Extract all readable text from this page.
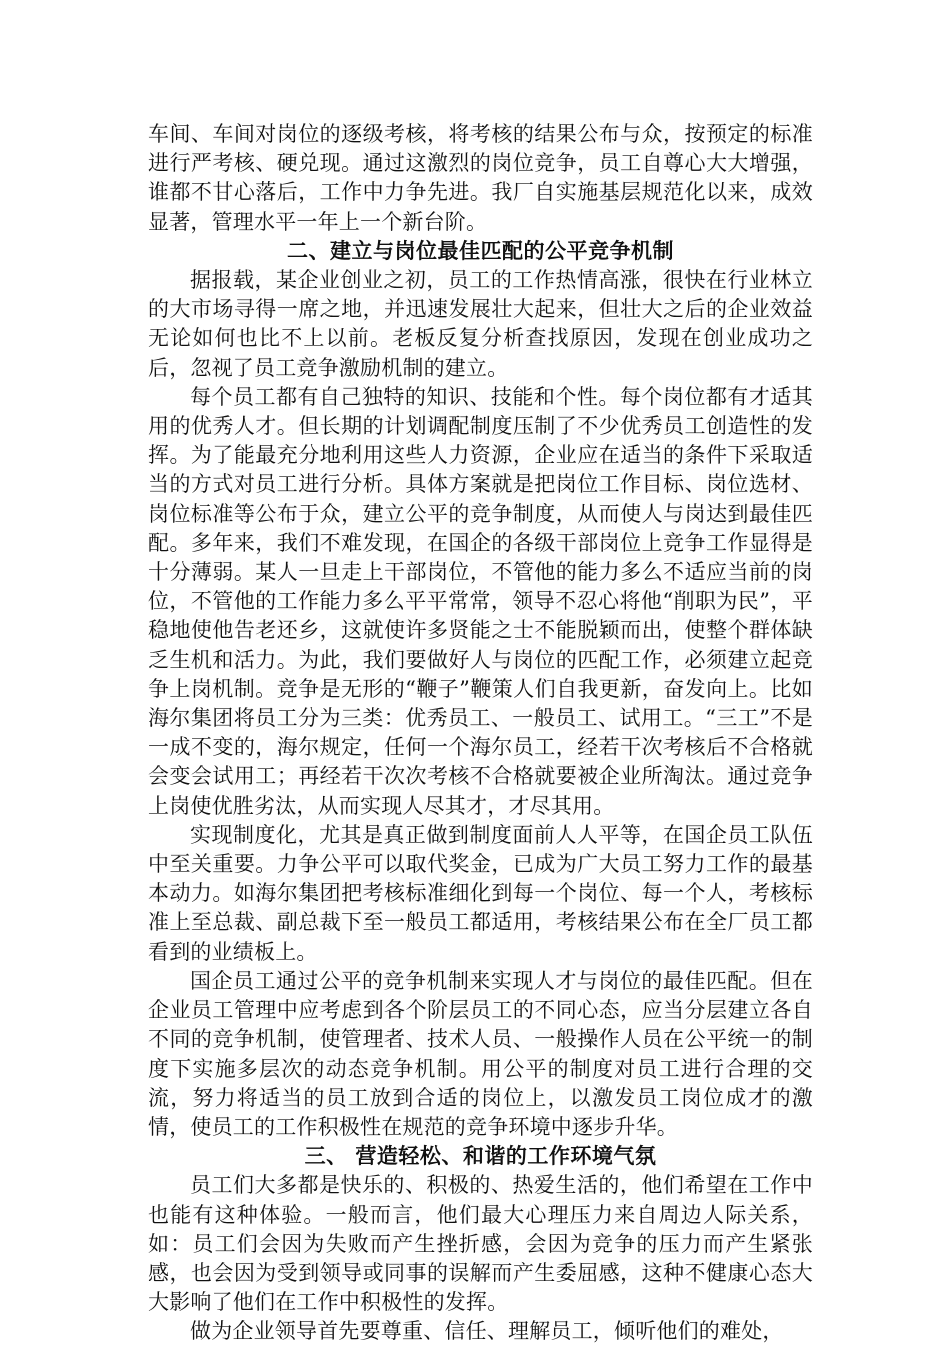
车间、车间对岗位的逐级考核，将考核的结果公布与众，按预定的标准进行严考核、硬兑现。通过这激烈的岗位竞争，员工自尊心大大增强，谁都不甘心落后，工作中力争先进。我厂自实施基层规范化以来，成效显著，管理水平一年上一个新台阶。

二、建立与岗位最佳匹配的公平竞争机制

据报载，某企业创业之初，员工的工作热情高涨，很快在行业林立的大市场寻得一席之地，并迅速发展壮大起来，但壮大之后的企业效益无论如何也比不上以前。老板反复分析查找原因，发现在创业成功之后，忽视了员工竞争激励机制的建立。

每个员工都有自己独特的知识、技能和个性。每个岗位都有才适其用的优秀人才。但长期的计划调配制度压制了不少优秀员工创造性的发挥。为了能最充分地利用这些人力资源，企业应在适当的条件下采取适当的方式对员工进行分析。具体方案就是把岗位工作目标、岗位选材、岗位标准等公布于众，建立公平的竞争制度，从而使人与岗达到最佳匹配。多年来，我们不难发现，在国企的各级干部岗位上竞争工作显得是十分薄弱。某人一旦走上干部岗位，不管他的能力多么不适应当前的岗位，不管他的工作能力多么平平常常，领导不忍心将他“削职为民”，平稳地使他告老还乡，这就使许多贤能之士不能脱颖而出，使整个群体缺乏生机和活力。为此，我们要做好人与岗位的匹配工作，必须建立起竞争上岗机制。竞争是无形的“鞭子”鞭策人们自我更新，奋发向上。比如海尔集团将员工分为三类：优秀员工、一般员工、试用工。“三工”不是一成不变的，海尔规定，任何一个海尔员工，经若干次考核后不合格就会变会试用工；再经若干次次考核不合格就要被企业所淘汰。通过竞争上岗使优胜劣汰，从而实现人尽其才，才尽其用。

实现制度化，尤其是真正做到制度面前人人平等，在国企员工队伍中至关重要。力争公平可以取代奖金，已成为广大员工努力工作的最基本动力。如海尔集团把考核标准细化到每一个岗位、每一个人，考核标准上至总裁、副总裁下至一般员工都适用，考核结果公布在全厂员工都看到的业绩板上。

国企员工通过公平的竞争机制来实现人才与岗位的最佳匹配。但在企业员工管理中应考虑到各个阶层员工的不同心态，应当分层建立各自不同的竞争机制，使管理者、技术人员、一般操作人员在公平统一的制度下实施多层次的动态竞争机制。用公平的制度对员工进行合理的交流，努力将适当的员工放到合适的岗位上，以激发员工岗位成才的激情，使员工的工作积极性在规范的竞争环境中逐步升华。

三、 营造轻松、和谐的工作环境气氛

员工们大多都是快乐的、积极的、热爱生活的，他们希望在工作中也能有这种体验。一般而言，他们最大心理压力来自周边人际关系，如：员工们会因为失败而产生挫折感，会因为竞争的压力而产生紧张感，也会因为受到领导或同事的误解而产生委屈感，这种不健康心态大大影响了他们在工作中积极性的发挥。

做为企业领导首先要尊重、信任、理解员工，倾听他们的难处，
